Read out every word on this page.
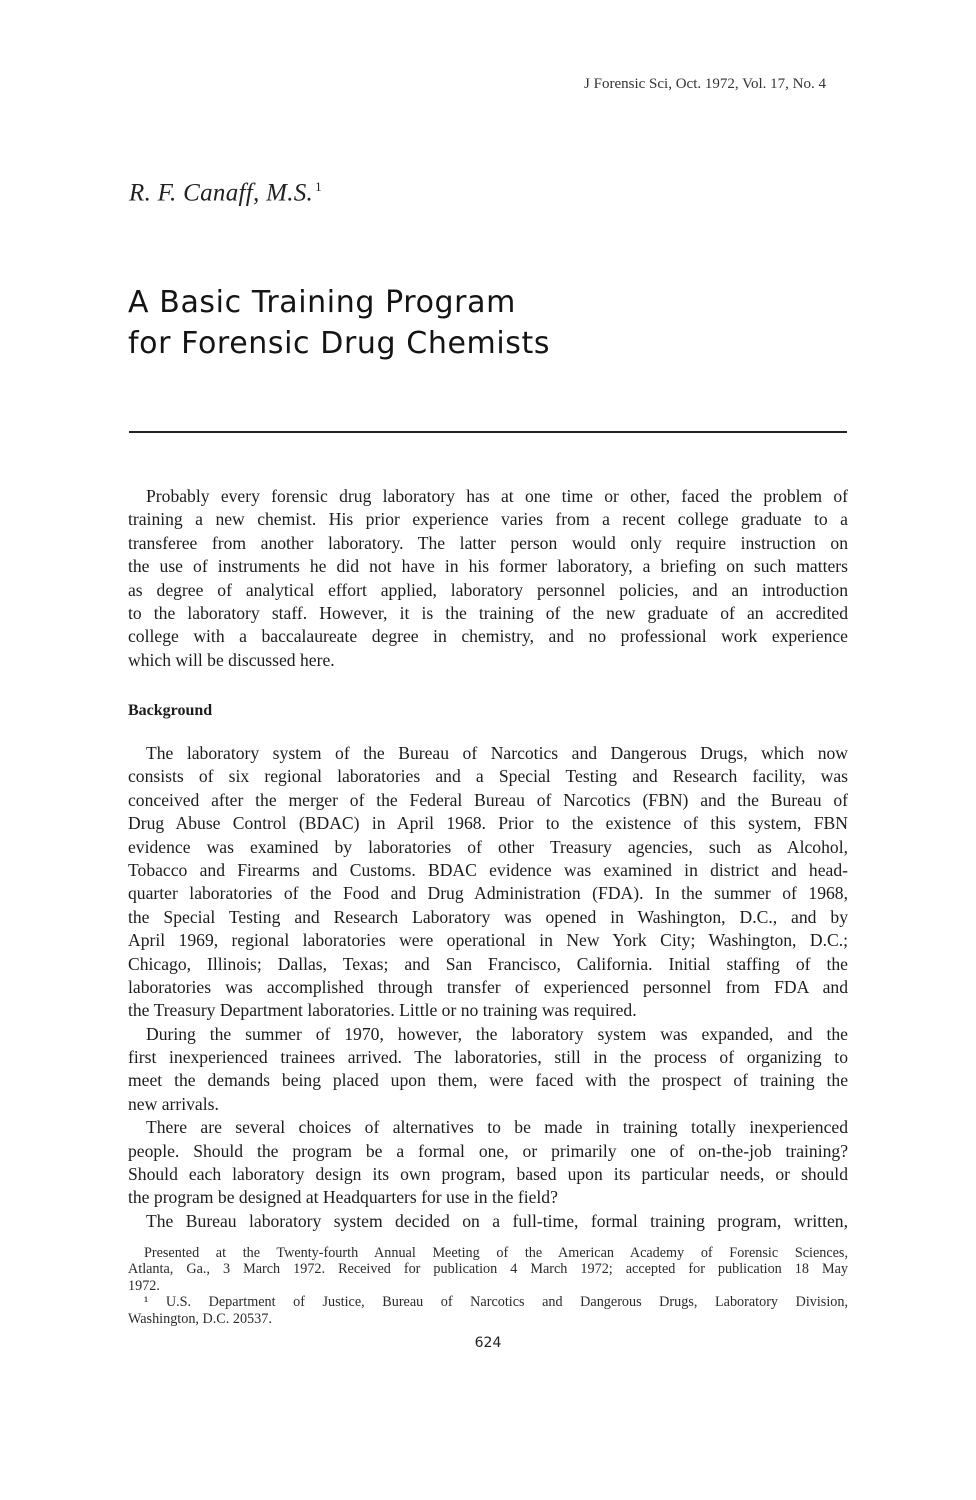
J Forensic Sci, Oct. 1972, Vol. 17, No. 4
R. F. Canaff, M.S. $^1$
A Basic Training Program
for Forensic Drug Chemists
Probably every forensic drug laboratory has at one time or other, faced the problem of
training a new chemist. His prior experience varies from a recent college graduate to a
transferee from another laboratory. The latter person would only require instruction on
the use of instruments he did not have in his former laboratory, a briefing on such matters
as degree of analytical effort applied, laboratory personnel policies, and an introduction
to the laboratory staff. However, it is the training of the new graduate of an accredited
college with a baccalaureate degree in chemistry, and no professional work experience
which will be discussed here.
Background
The laboratory system of the Bureau of Narcotics and Dangerous Drugs, which now
consists of six regional laboratories and a Special Testing and Research facility, was
conceived after the merger of the Federal Bureau of Narcotics (FBN) and the Bureau of
Drug Abuse Control (BDAC) in April 1968. Prior to the existence of this system, FBN
evidence was examined by laboratories of other Treasury agencies, such as Alcohol,
Tobacco and Firearms and Customs. BDAC evidence was examined in district and head-
quarter laboratories of the Food and Drug Administration (FDA). In the summer of 1968,
the Special Testing and Research Laboratory was opened in Washington, D.C., and by
April 1969, regional laboratories were operational in New York City; Washington, D.C.;
Chicago, Illinois; Dallas, Texas; and San Francisco, California. Initial staffing of the
laboratories was accomplished through transfer of experienced personnel from FDA and
the Treasury Department laboratories. Little or no training was required.
During the summer of 1970, however, the laboratory system was expanded, and the
first inexperienced trainees arrived. The laboratories, still in the process of organizing to
meet the demands being placed upon them, were faced with the prospect of training the
new arrivals.
There are several choices of alternatives to be made in training totally inexperienced
people. Should the program be a formal one, or primarily one of on-the-job training?
Should each laboratory design its own program, based upon its particular needs, or should
the program be designed at Headquarters for use in the field?
The Bureau laboratory system decided on a full-time, formal training program, written,
Presented at the Twenty-fourth Annual Meeting of the American Academy of Forensic Sciences,
Atlanta, Ga., 3 March 1972. Received for publication 4 March 1972; accepted for publication 18 May
1972.
¹ U.S. Department of Justice, Bureau of Narcotics and Dangerous Drugs, Laboratory Division,
Washington, D.C. 20537.
624
